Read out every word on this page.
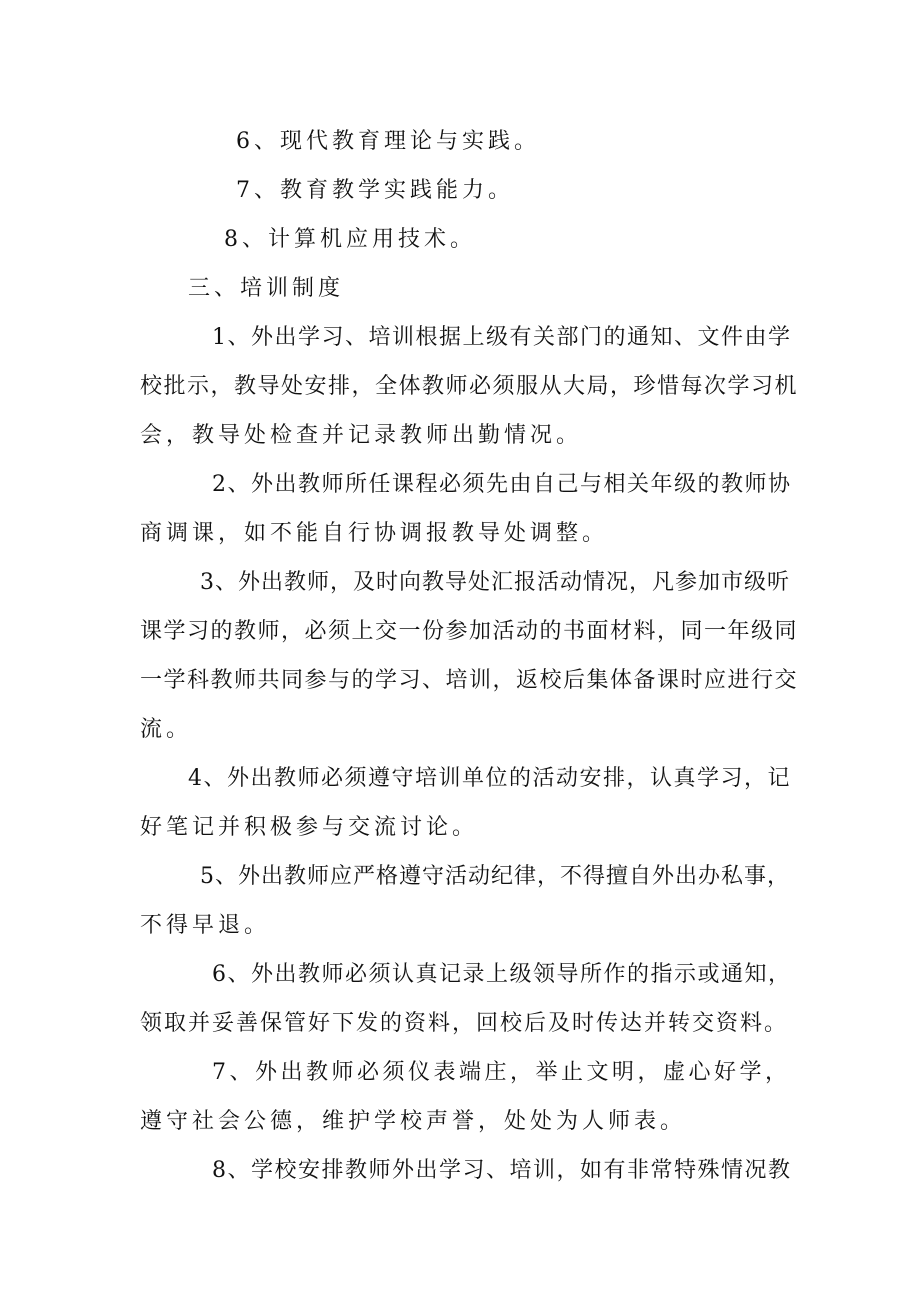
6、现代教育理论与实践。
7、教育教学实践能力。
8、计算机应用技术。
三、培训制度
1、外出学习、培训根据上级有关部门的通知、文件由学
校批示，教导处安排，全体教师必须服从大局，珍惜每次学习机
会，教导处检查并记录教师出勤情况。
2、外出教师所任课程必须先由自己与相关年级的教师协
商调课，如不能自行协调报教导处调整。
3、外出教师，及时向教导处汇报活动情况，凡参加市级听
课学习的教师，必须上交一份参加活动的书面材料，同一年级同
一学科教师共同参与的学习、培训，返校后集体备课时应进行交
流。
4、外出教师必须遵守培训单位的活动安排，认真学习，记
好笔记并积极参与交流讨论。
5、外出教师应严格遵守活动纪律，不得擅自外出办私事，
不得早退。
6、外出教师必须认真记录上级领导所作的指示或通知，
领取并妥善保管好下发的资料，回校后及时传达并转交资料。
7、外出教师必须仪表端庄，举止文明，虚心好学，
遵守社会公德，维护学校声誉，处处为人师表。
8、学校安排教师外出学习、培训，如有非常特殊情况教
